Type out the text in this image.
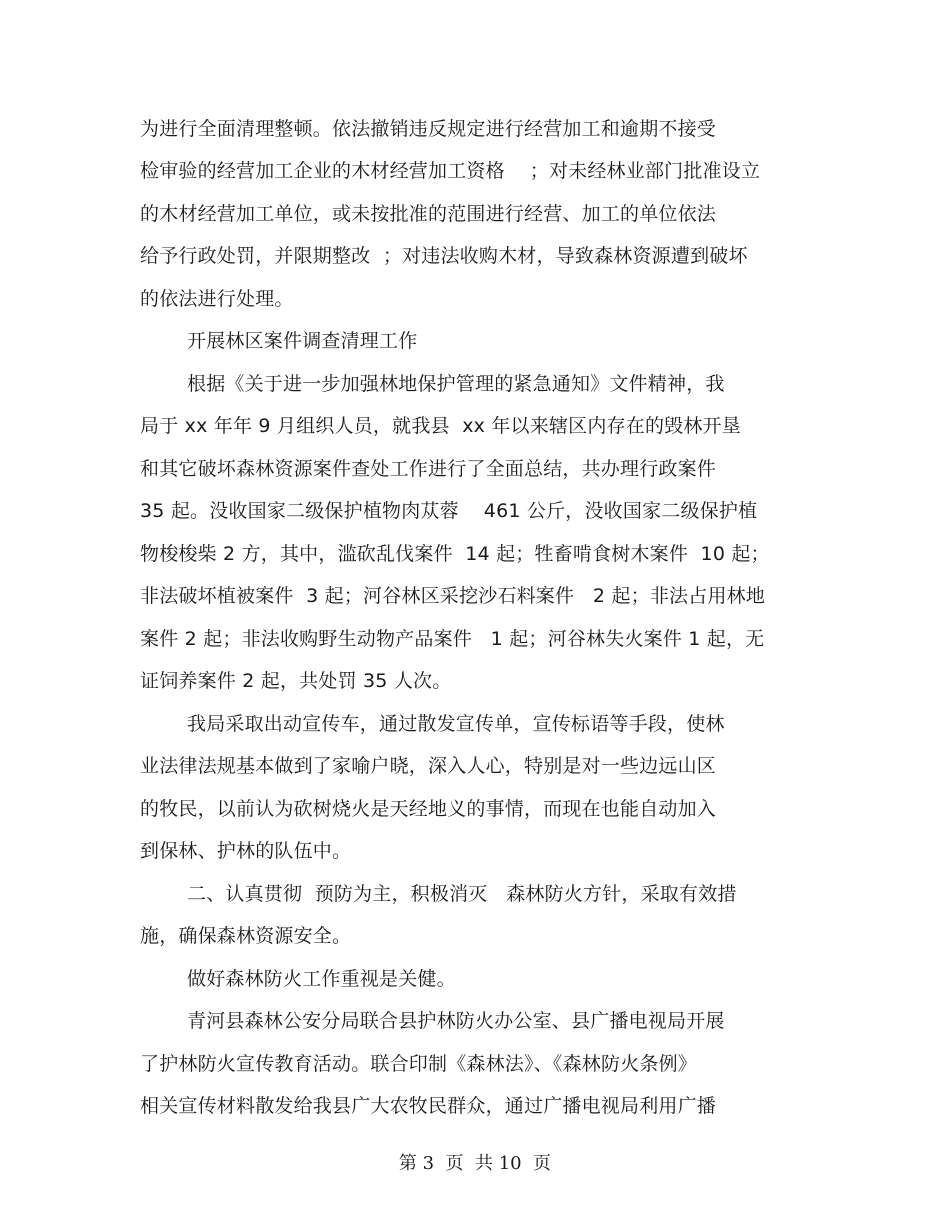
为进行全面清理整顿。依法撤销违反规定进行经营加工和逾期不接受
检审验的经营加工企业的木材经营加工资格    ；对未经林业部门批准设立
的木材经营加工单位，或未按批准的范围进行经营、加工的单位依法
给予行政处罚，并限期整改  ；对违法收购木材，导致森林资源遭到破坏
的依法进行处理。
开展林区案件调查清理工作
根据《关于进一步加强林地保护管理的紧急通知》文件精神，我
局于 xx 年年 9 月组织人员，就我县  xx 年以来辖区内存在的毁林开垦
和其它破坏森林资源案件查处工作进行了全面总结，共办理行政案件
35 起。没收国家二级保护植物肉苁蓉    461 公斤，没收国家二级保护植
物梭梭柴 2 方，其中，滥砍乱伐案件  14 起；牲畜啃食树木案件  10 起；
非法破坏植被案件  3 起；河谷林区采挖沙石料案件   2 起；非法占用林地
案件 2 起；非法收购野生动物产品案件   1 起；河谷林失火案件 1 起，无
证饲养案件 2 起，共处罚 35 人次。
我局采取出动宣传车，通过散发宣传单，宣传标语等手段，使林
业法律法规基本做到了家喻户晓，深入人心，特别是对一些边远山区
的牧民，以前认为砍树烧火是天经地义的事情，而现在也能自动加入
到保林、护林的队伍中。
二、认真贯彻  预防为主，积极消灭   森林防火方针，采取有效措
施，确保森林资源安全。
做好森林防火工作重视是关健。
青河县森林公安分局联合县护林防火办公室、县广播电视局开展
了护林防火宣传教育活动。联合印制《森林法》、《森林防火条例》
相关宣传材料散发给我县广大农牧民群众，通过广播电视局利用广播
第 3  页  共 10  页
